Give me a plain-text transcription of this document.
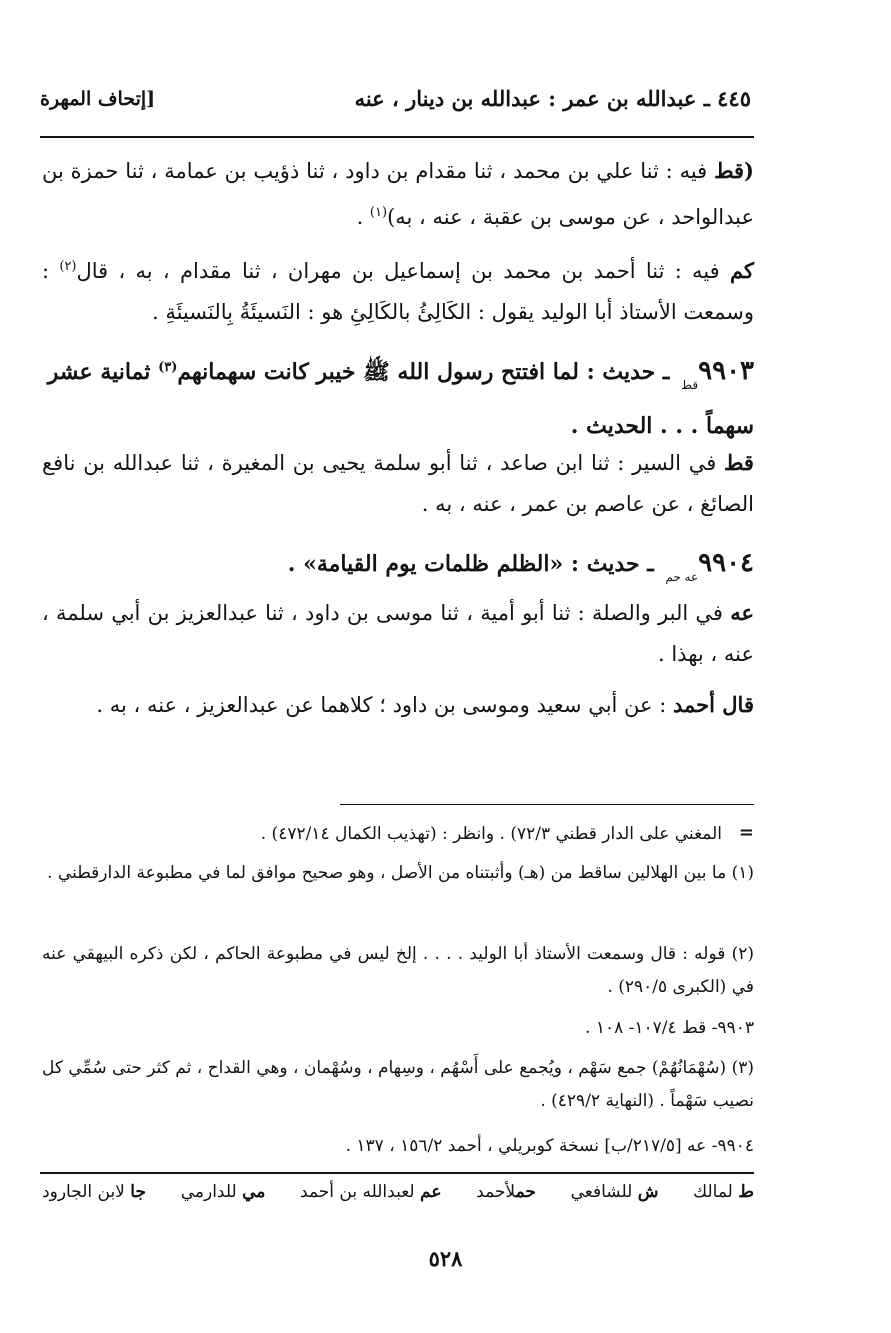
٤٤٥ ـ عبدالله بن عمر : عبدالله بن دينار ، عنه
[إتحاف المهرة
(قط فيه : ثنا علي بن محمد ، ثنا مقدام بن داود ، ثنا ذؤيب بن عمامة ، ثنا حمزة بن عبدالواحد ، عن موسى بن عقبة ، عنه ، به)$^{(١)}$ .
كم فيه : ثنا أحمد بن محمد بن إسماعيل بن مهران ، ثنا مقدام ، به ، قال$^{(٢)}$ : وسمعت الأستاذ أبا الوليد يقول : الكَالِئُ بالكَالِئِ هو : النَسيئَةُ بِالنَسيئَةِ .
$٩٩٠٣_{قط}$ ـ حديث : لما افتتح رسول الله ﷺ خيبر كانت سهمانهم$^{(٣)}$ ثمانية عشر سهماً . . . الحديث .
قط في السير : ثنا ابن صاعد ، ثنا أبو سلمة يحيى بن المغيرة ، ثنا عبدالله بن نافع الصائغ ، عن عاصم بن عمر ، عنه ، به .
$٩٩٠٤_{عه حم}$ ـ حديث : «الظلم ظلمات يوم القيامة» .
عه في البر والصلة : ثنا أبو أمية ، ثنا موسى بن داود ، ثنا عبدالعزيز بن أبي سلمة ، عنه ، بهذا .
قال أحمد : عن أبي سعيد وموسى بن داود ؛ كلاهما عن عبدالعزيز ، عنه ، به .
=
المغني على الدار قطني ٧٢/٣) . وانظر : (تهذيب الكمال ٤٧٢/١٤) .
(١) ما بين الهلالين ساقط من (هـ) وأثبتناه من الأصل ، وهو صحيح موافق لما في مطبوعة الدارقطني .
(٢) قوله : قال وسمعت الأستاذ أبا الوليد . . . . إلخ ليس في مطبوعة الحاكم ، لكن ذكره البيهقي عنه في (الكبرى ٢٩٠/٥) .
٩٩٠٣- قط ١٠٧/٤- ١٠٨ .
(٣) (سُهْمَانُهُمْ) جمع سَهْم ، ويُجمع على أَسْهُم ، وسِهام ، وسُهْمان ، وهي القداح ، ثم كثر حتى سُمِّي كل نصيب سَهْماً . (النهاية ٤٢٩/٢) .
٩٩٠٤- عه [٢١٧/٥/ب] نسخة كوبريلي ، أحمد ١٥٦/٢ ، ١٣٧ .
ط لمالك
ش للشافعي
حملأحمد
عم لعبدالله بن أحمد
مي للدارمي
جا لابن الجارود
٥٢٨
